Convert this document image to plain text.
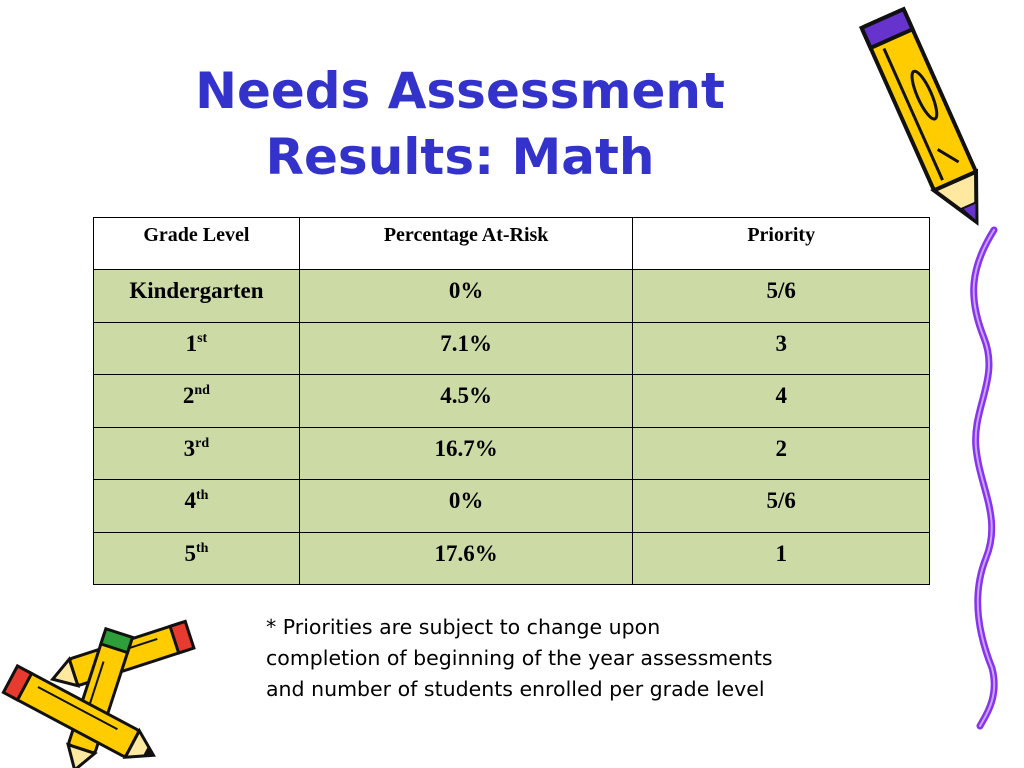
Needs Assessment
Results: Math
Grade Level	Percentage At-Risk	Priority
Kindergarten	0%	5/6
1st	7.1%	3
2nd	4.5%	4
3rd	16.7%	2
4th	0%	5/6
5th	17.6%	1
* Priorities are subject to change upon
completion of beginning of the year assessments
and number of students enrolled per grade level
